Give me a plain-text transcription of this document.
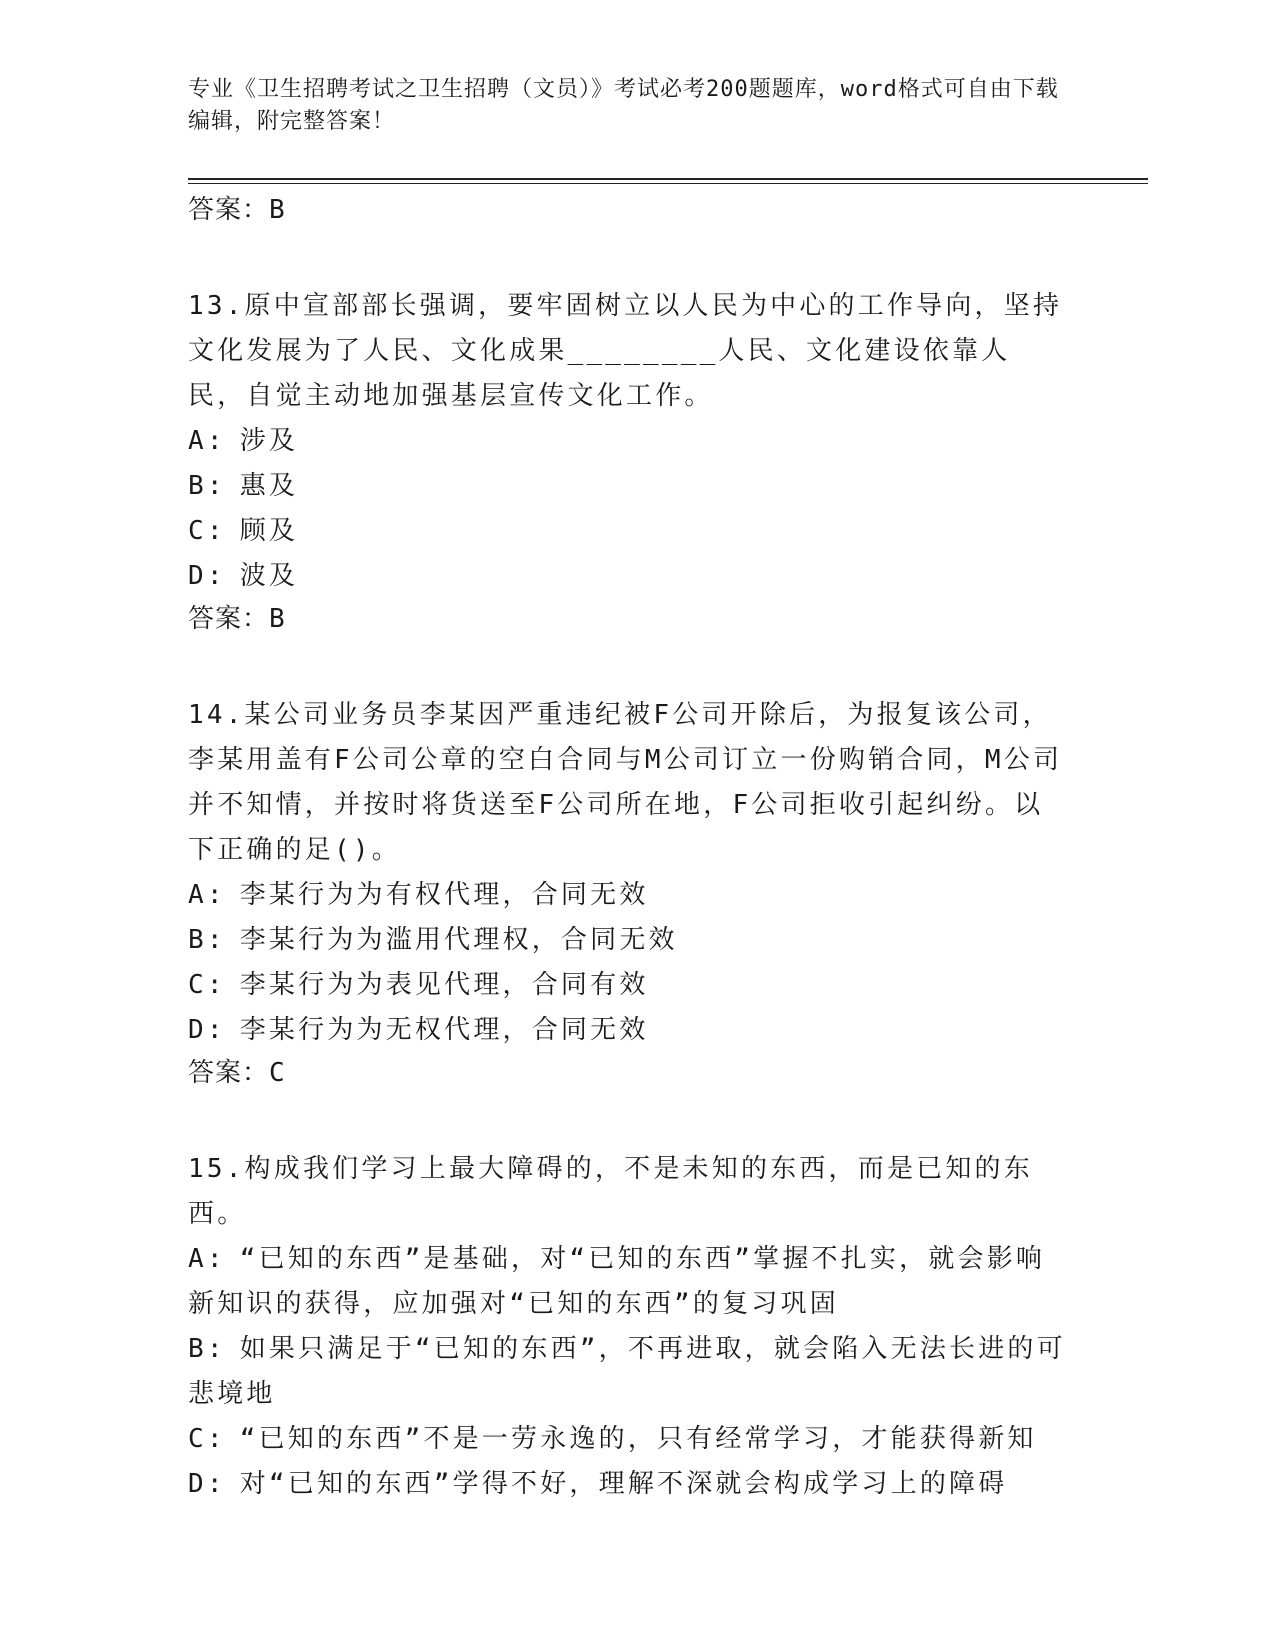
专业《卫生招聘考试之卫生招聘（文员）》考试必考200题题库，word格式可自由下载编辑，附完整答案！

答案：B

13.原中宣部部长强调，要牢固树立以人民为中心的工作导向，坚持文化发展为了人民、文化成果________人民、文化建设依靠人民，自觉主动地加强基层宣传文化工作。

A: 涉及

B: 惠及

C: 顾及

D: 波及

答案：B

14.某公司业务员李某因严重违纪被F公司开除后，为报复该公司，李某用盖有F公司公章的空白合同与M公司订立一份购销合同，M公司并不知情，并按时将货送至F公司所在地，F公司拒收引起纠纷。以下正确的足()。

A: 李某行为为有权代理，合同无效

B: 李某行为为滥用代理权，合同无效

C: 李某行为为表见代理，合同有效

D: 李某行为为无权代理，合同无效

答案：C

15.构成我们学习上最大障碍的，不是未知的东西，而是已知的东西。

A: “已知的东西”是基础，对“已知的东西”掌握不扎实，就会影响新知识的获得，应加强对“已知的东西”的复习巩固

B: 如果只满足于“已知的东西”，不再进取，就会陷入无法长进的可悲境地

C: “已知的东西”不是一劳永逸的，只有经常学习，才能获得新知

D: 对“已知的东西”学得不好，理解不深就会构成学习上的障碍
